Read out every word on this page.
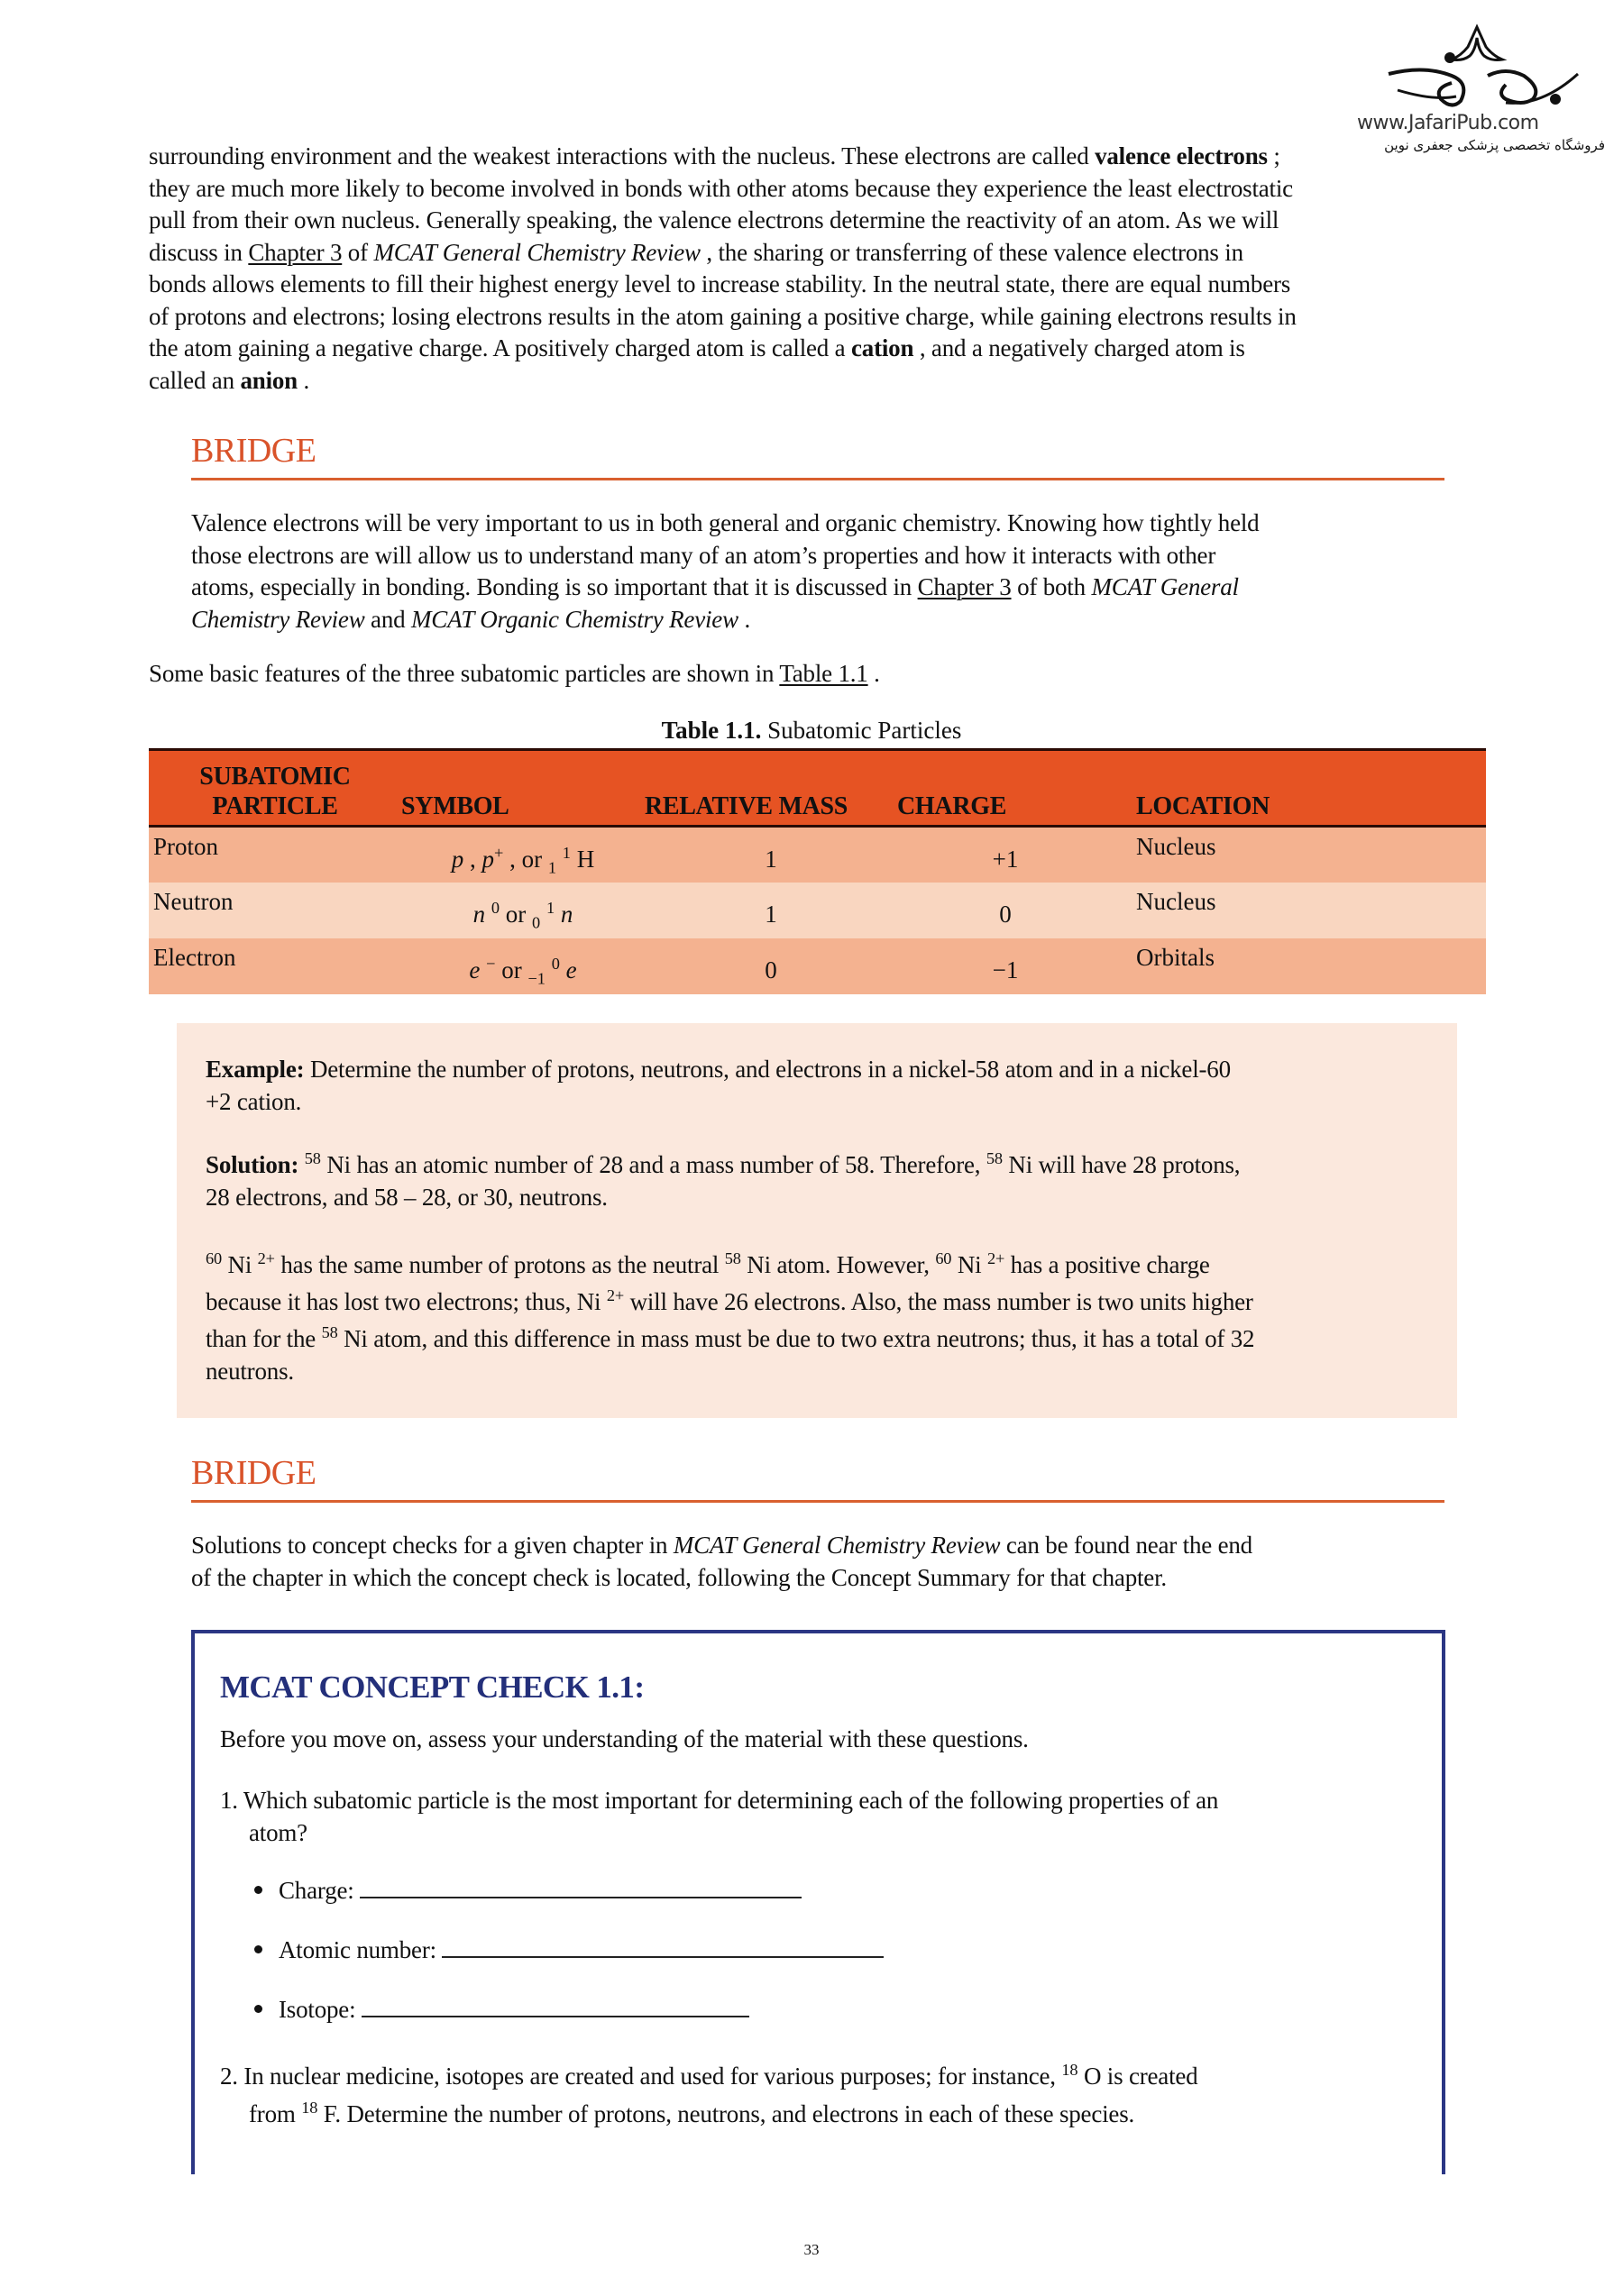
www.JafariPub.com
فروشگاه تخصصی پزشکی جعفری نوین
surrounding environment and the weakest interactions with the nucleus. These electrons are called valence electrons ;
they are much more likely to become involved in bonds with other atoms because they experience the least electrostatic
pull from their own nucleus. Generally speaking, the valence electrons determine the reactivity of an atom. As we will
discuss in Chapter 3 of MCAT General Chemistry Review , the sharing or transferring of these valence electrons in
bonds allows elements to fill their highest energy level to increase stability. In the neutral state, there are equal numbers
of protons and electrons; losing electrons results in the atom gaining a positive charge, while gaining electrons results in
the atom gaining a negative charge. A positively charged atom is called a cation , and a negatively charged atom is
called an anion .
BRIDGE
Valence electrons will be very important to us in both general and organic chemistry. Knowing how tightly held
those electrons are will allow us to understand many of an atom’s properties and how it interacts with other
atoms, especially in bonding. Bonding is so important that it is discussed in Chapter 3 of both MCAT General
Chemistry Review and MCAT Organic Chemistry Review .
Some basic features of the three subatomic particles are shown in Table 1.1 .
Table 1.1. Subatomic Particles
SUBATOMIC
PARTICLE	SYMBOL	RELATIVE MASS	CHARGE	LOCATION
Proton	p , p+ , or $_1$ $^1$ H	1	+1	Nucleus
Neutron	n $^0$ or $_0$ $^1$ n	1	0	Nucleus
Electron	e − or $_{-1}$ $^0$ e	0	−1	Orbitals
Example: Determine the number of protons, neutrons, and electrons in a nickel-58 atom and in a nickel-60
+2 cation.
Solution: $^{58}$ Ni has an atomic number of 28 and a mass number of 58. Therefore, $^{58}$ Ni will have 28 protons,
28 electrons, and 58 – 28, or 30, neutrons.
$^{60}$ Ni $^{2+}$ has the same number of protons as the neutral $^{58}$ Ni atom. However, $^{60}$ Ni $^{2+}$ has a positive charge
because it has lost two electrons; thus, Ni $^{2+}$ will have 26 electrons. Also, the mass number is two units higher
than for the $^{58}$ Ni atom, and this difference in mass must be due to two extra neutrons; thus, it has a total of 32
neutrons.
BRIDGE
Solutions to concept checks for a given chapter in MCAT General Chemistry Review can be found near the end
of the chapter in which the concept check is located, following the Concept Summary for that chapter.
MCAT CONCEPT CHECK 1.1:
Before you move on, assess your understanding of the material with these questions.
1. Which subatomic particle is the most important for determining each of the following properties of an
atom?
Charge:
Atomic number:
Isotope:
2. In nuclear medicine, isotopes are created and used for various purposes; for instance, $^{18}$ O is created
from $^{18}$ F. Determine the number of protons, neutrons, and electrons in each of these species.
33
